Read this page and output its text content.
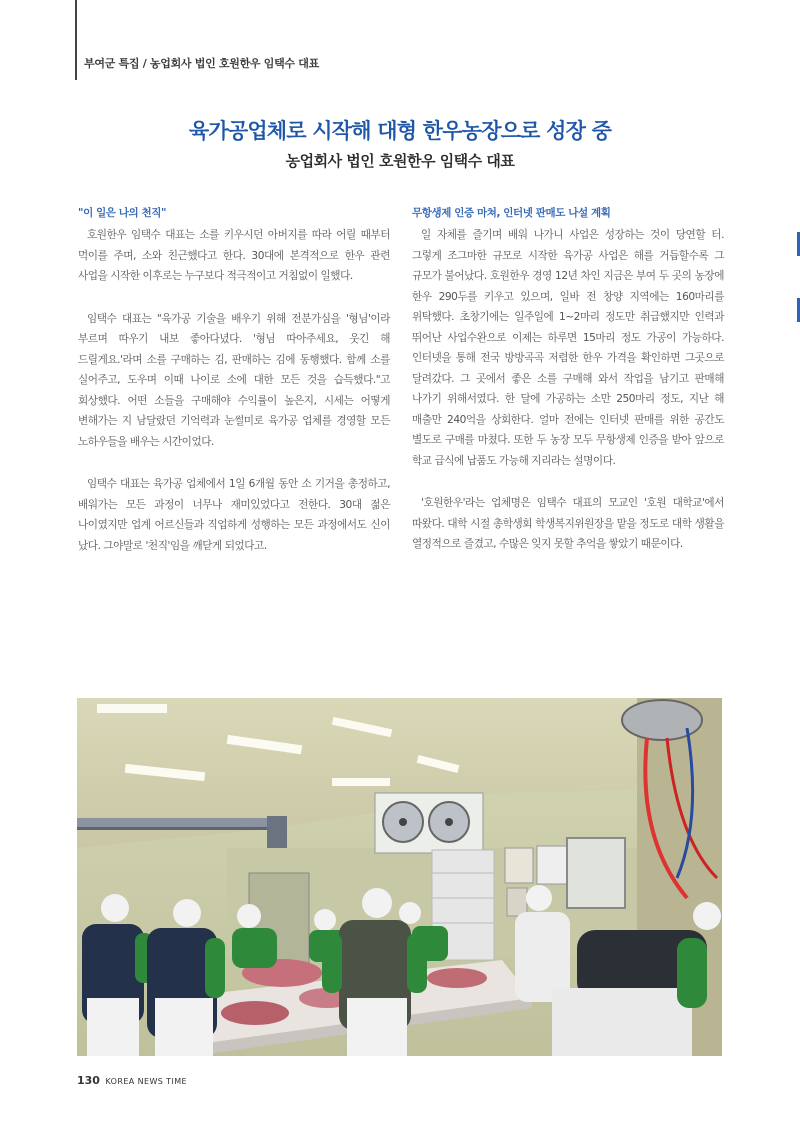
부여군 특집 / 농업회사 법인 호원한우 임택수 대표
육가공업체로 시작해 대형 한우농장으로 성장 중
농업회사 법인 호원한우 임택수 대표
"이 일은 나의 천직"

호원한우 임택수 대표는 소를 키우시던 아버지를 따라 어릴 때부터 먹이를 주며, 소와 친근했다고 한다. 30대에 본격적으로 한우 관련 사업을 시작한 이후로는 누구보다 적극적이고 거침없이 일했다.

임택수 대표는 "육가공 기술을 배우기 위해 전분가심을 '형님'이라 부르며 따우기 내보 좋아다녔다. '형님 따아주세요, 웃긴 해 드릴게요.'라며 소를 구매하는 김, 판매하는 김에 동행했다. 함께 소를 실어주고, 도우며 이때 나이로 소에 대한 모든 것을 습득했다."고 회상했다. 어떤 소들을 구매해야 수익률이 높은지, 시세는 어떻게 변해가는 지 남달랐던 기억력과 눈썰미로 육가공 업체를 경영할 모든 노하우들을 배우는 시간이었다.

임택수 대표는 육가공 업체에서 1일 6개월 동안 소 기거을 총정하고, 배워가는 모든 과정이 너무나 재미있었다고 전한다. 30대 젊은 나이였지만 업계 어르신들과 직업하게 성행하는 모든 과정에서도 신이 났다. 그야말로 '천직'임을 깨닫게 되었다고.

무항생제 인증 마쳐, 인터넷 판매도 나설 계획

일 자체를 즐기며 배워 나가니 사업은 성장하는 것이 당연할 터. 그렇게 조그마한 규모로 시작한 육가공 사업은 해를 거듭할수록 그 규모가 불어났다. 호원한우 경영 12년 차인 지금은 부여 두 곳의 농장에 한우 290두를 키우고 있으며, 일바 전 창양 지역에는 160마리를 위탁했다. 초창기에는 일주일에 1~2마리 정도만 취급했지만 인력과 뛰어난 사업수완으로 이제는 하루면 15마리 정도 가공이 가능하다. 인터넷을 통해 전국 방방곡곡 저렴한 한우 가격을 확인하면 그곳으로 달려갔다. 그 곳에서 좋은 소를 구매해 와서 작업을 남기고 판매해 나가기 위해서였다. 한 달에 가공하는 소만 250마리 정도, 지난 해 매출만 240억을 상회한다. 얼마 전에는 인터넷 판매를 위한 공간도 별도로 구매를 마쳤다. 또한 두 농장 모두 무항생제 인증을 받아 앞으로 학교 급식에 납품도 가능해 지리라는 설명이다.

'호원한우'라는 업체명은 임택수 대표의 모교인 '호원 대학교'에서 따왔다. 대학 시절 총학생회 학생복지위원장을 맡을 정도로 대학 생활을 열정적으로 즐겼고, 수많은 잊지 못할 추억을 쌓았기 때문이다.

130 KOREA NEWS TIME
